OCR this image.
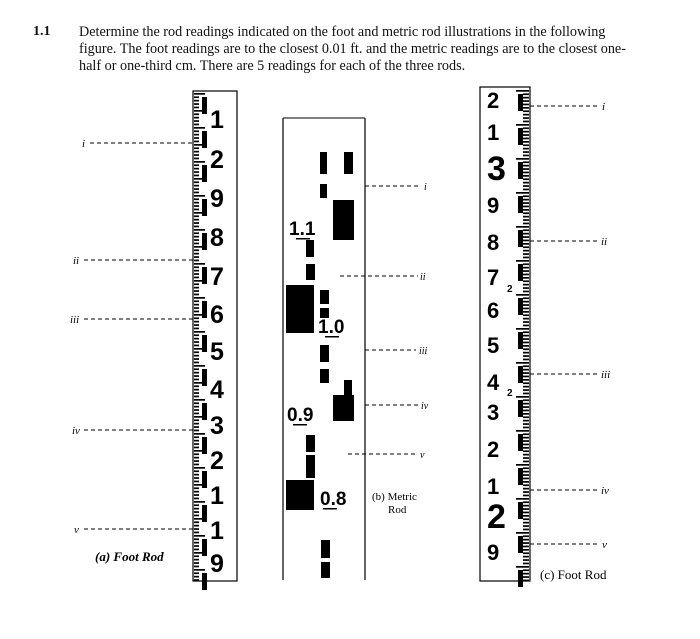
1.1 Determine the rod readings indicated on the foot and metric rod illustrations in the following figure. The foot readings are to the closest 0.01 ft. and the metric readings are to the closest one-half or one-third cm. There are 5 readings for each of the three rods.
1
2
9
8
7
6
5
4
3
2
1
1
9
i
ii
iii
iv
v
(a) Foot Rod
1.1
1.0
0.9
0.8
i
ii
iii
iv
v
(b) Metric
Rod
2
1
3
9
8
7
6
5
4
3
2
1
2
9
2
2
i
ii
iii
iv
v
(c) Foot Rod
